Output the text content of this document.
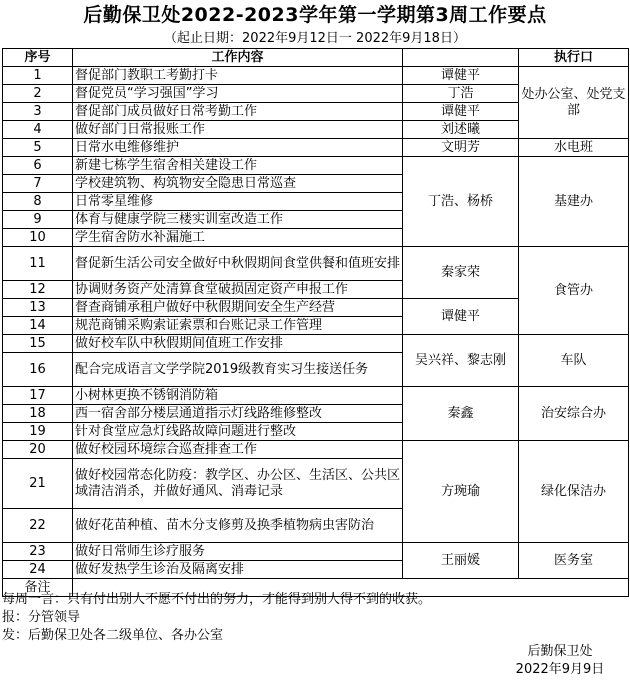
后勤保卫处2022-2023学年第一学期第3周工作要点
（起止日期：2022年9月12日一 2022年9月18日）
序号	工作内容		执行口
1	督促部门教职工考勤打卡	谭健平	处办公室、处党支部
2	督促党员“学习强国”学习	丁浩	
3	督促部门成员做好日常考勤工作	谭健平	
4	做好部门日常报账工作	刘述曦	
5	日常水电维修维护	文明芳	水电班
6	新建七栋学生宿舍相关建设工作	丁浩、杨桥	基建办
7	学校建筑物、构筑物安全隐患日常巡查		
8	日常零星维修		
9	体育与健康学院三楼实训室改造工作		
10	学生宿舍防水补漏施工		
11	督促新生活公司安全做好中秋假期间食堂供餐和值班安排	秦家荣	食管办
12	协调财务资产处清算食堂破损固定资产申报工作		
13	督查商铺承租户做好中秋假期间安全生产经营	谭健平	
14	规范商铺采购索证索票和台账记录工作管理		
15	做好校车队中秋假期间值班工作安排	吴兴祥、黎志刚	车队
16	配合完成语言文学学院2019级教育实习生接送任务		
17	小树林更换不锈钢消防箱	秦鑫	治安综合办
18	西一宿舍部分楼层通道指示灯线路维修整改		
19	针对食堂应急灯线路故障问题进行整改		
20	做好校园环境综合巡查排查工作	方琬瑜	绿化保洁办
21	做好校园常态化防疫：教学区、办公区、生活区、公共区域清洁消杀，并做好通风、消毒记录		
22	做好花苗种植、苗木分支修剪及换季植物病虫害防治		
23	做好日常师生诊疗服务	王丽媛	医务室
24	做好发热学生诊治及隔离安排		
备注			
每周一言：只有付出别人不愿不付出的努力，才能得到别人得不到的收获。
报：分管领导
发：后勤保卫处各二级单位、各办公室
后勤保卫处
2022年9月9日
